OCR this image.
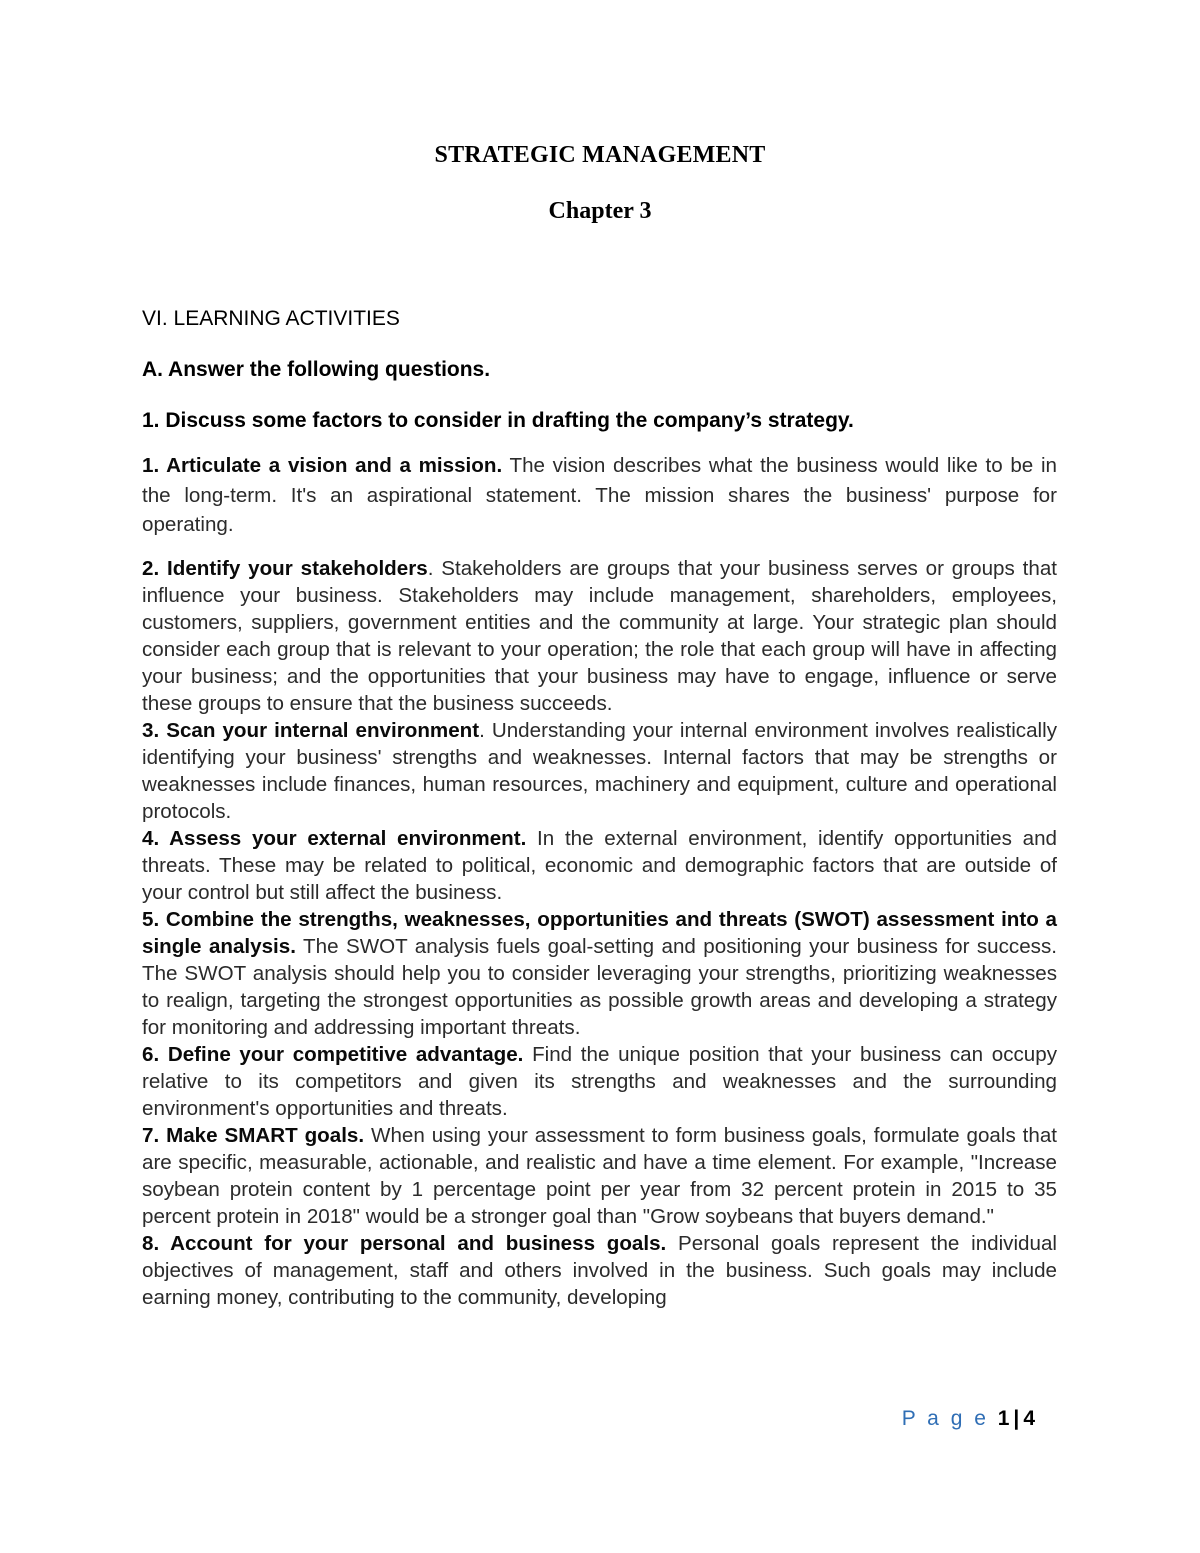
STRATEGIC MANAGEMENT
Chapter 3

VI. LEARNING ACTIVITIES

A. Answer the following questions.

1. Discuss some factors to consider in drafting the company’s strategy.

1. Articulate a vision and a mission. The vision describes what the business would like to be in the long-term. It's an aspirational statement. The mission shares the business' purpose for operating.

2. Identify your stakeholders. Stakeholders are groups that your business serves or groups that influence your business. Stakeholders may include management, shareholders, employees, customers, suppliers, government entities and the community at large. Your strategic plan should consider each group that is relevant to your operation; the role that each group will have in affecting your business; and the opportunities that your business may have to engage, influence or serve these groups to ensure that the business succeeds.

3. Scan your internal environment. Understanding your internal environment involves realistically identifying your business' strengths and weaknesses. Internal factors that may be strengths or weaknesses include finances, human resources, machinery and equipment, culture and operational protocols.

4. Assess your external environment. In the external environment, identify opportunities and threats. These may be related to political, economic and demographic factors that are outside of your control but still affect the business.

5. Combine the strengths, weaknesses, opportunities and threats (SWOT) assessment into a single analysis. The SWOT analysis fuels goal-setting and positioning your business for success. The SWOT analysis should help you to consider leveraging your strengths, prioritizing weaknesses to realign, targeting the strongest opportunities as possible growth areas and developing a strategy for monitoring and addressing important threats.

6. Define your competitive advantage. Find the unique position that your business can occupy relative to its competitors and given its strengths and weaknesses and the surrounding environment's opportunities and threats.

7. Make SMART goals. When using your assessment to form business goals, formulate goals that are specific, measurable, actionable, and realistic and have a time element. For example, "Increase soybean protein content by 1 percentage point per year from 32 percent protein in 2015 to 35 percent protein in 2018" would be a stronger goal than "Grow soybeans that buyers demand."

8. Account for your personal and business goals. Personal goals represent the individual objectives of management, staff and others involved in the business. Such goals may include earning money, contributing to the community, developing

P a g e 1 | 4
